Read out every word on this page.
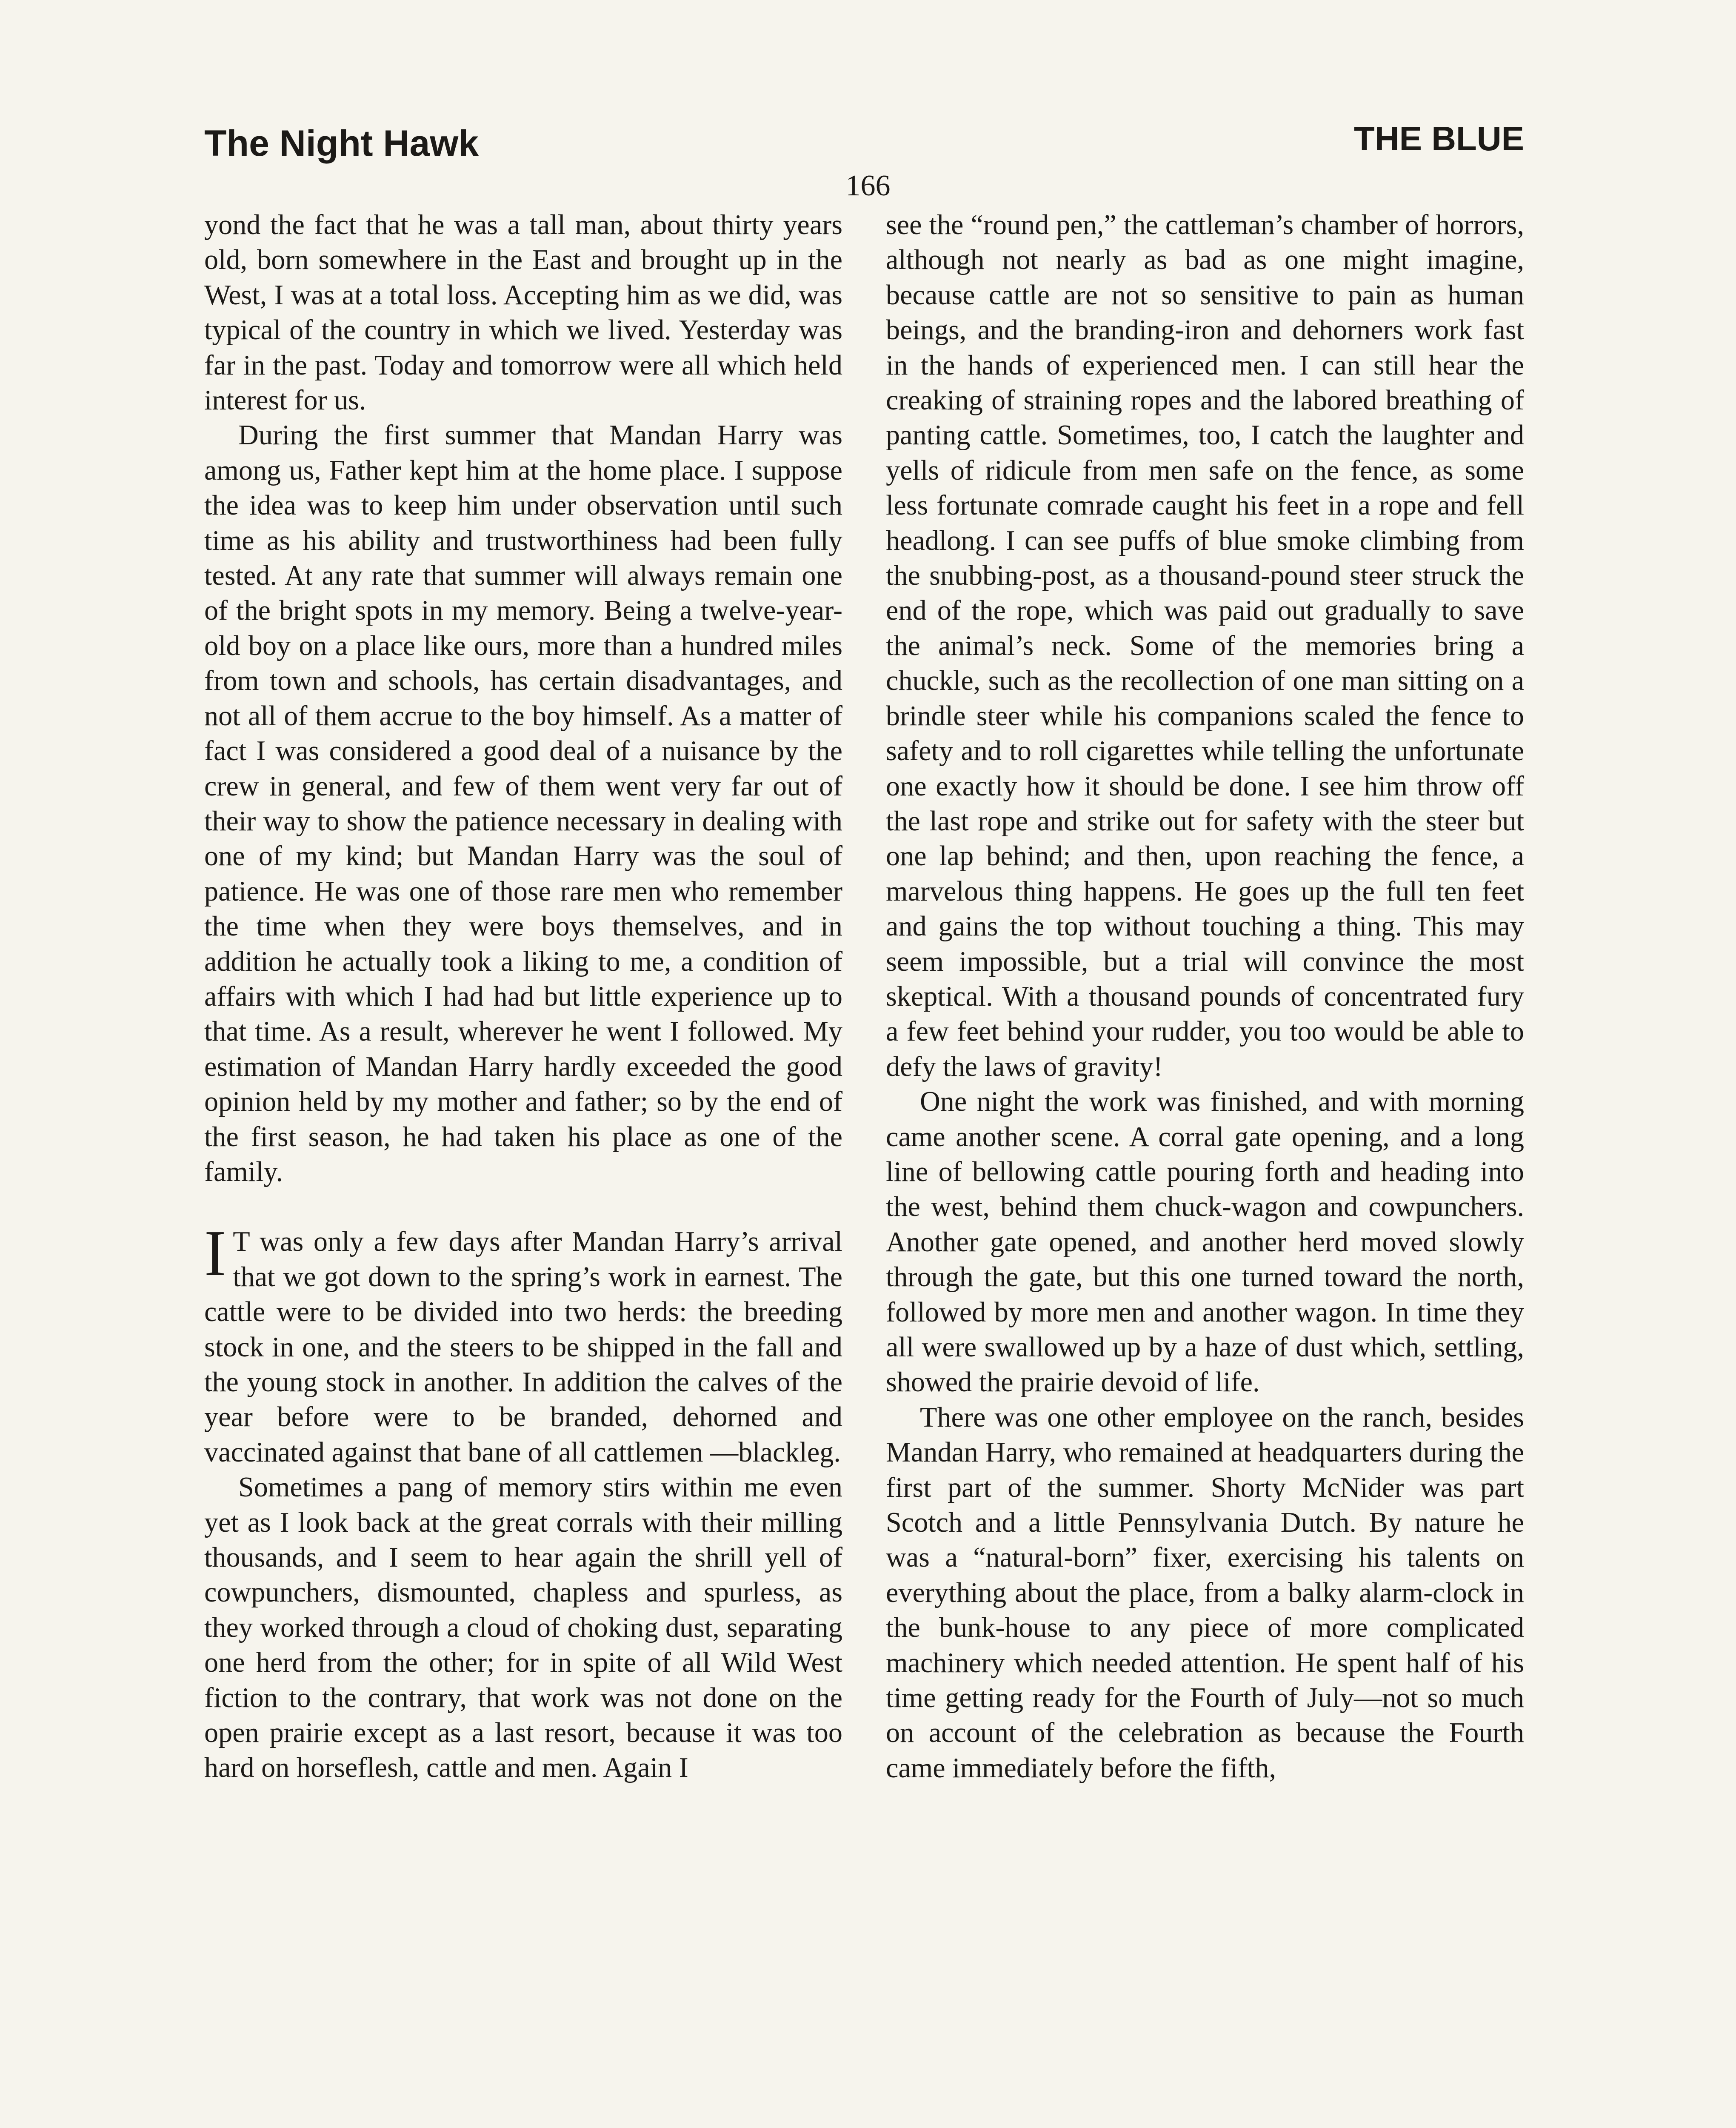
The Night Hawk	THE BLUE
166

yond the fact that he was a tall man, about thirty years old, born somewhere in the East and brought up in the West, I was at a total loss. Accepting him as we did, was typical of the country in which we lived. Yesterday was far in the past. Today and tomorrow were all which held interest for us.

During the first summer that Mandan Harry was among us, Father kept him at the home place. I suppose the idea was to keep him under observation until such time as his ability and trustworthiness had been fully tested. At any rate that summer will always remain one of the bright spots in my memory. Being a twelve-year-old boy on a place like ours, more than a hundred miles from town and schools, has certain disadvantages, and not all of them accrue to the boy himself. As a matter of fact I was considered a good deal of a nuisance by the crew in general, and few of them went very far out of their way to show the patience necessary in dealing with one of my kind; but Mandan Harry was the soul of patience. He was one of those rare men who remember the time when they were boys themselves, and in addition he actually took a liking to me, a condition of affairs with which I had had but little experience up to that time. As a result, wherever he went I followed. My estimation of Mandan Harry hardly exceeded the good opinion held by my mother and father; so by the end of the first season, he had taken his place as one of the family.

I T was only a few days after Mandan Harry’s arrival that we got down to the spring’s work in earnest. The cattle were to be divided into two herds: the breeding stock in one, and the steers to be shipped in the fall and the young stock in another. In addition the calves of the year before were to be branded, dehorned and vaccinated against that bane of all cattlemen —blackleg.

Sometimes a pang of memory stirs within me even yet as I look back at the great corrals with their milling thousands, and I seem to hear again the shrill yell of cowpunchers, dismounted, chapless and spurless, as they worked through a cloud of choking dust, separating one herd from the other; for in spite of all Wild West fiction to the contrary, that work was not done on the open prairie except as a last resort, because it was too hard on horseflesh, cattle and men. Again I

see the “round pen,” the cattleman’s chamber of horrors, although not nearly as bad as one might imagine, because cattle are not so sensitive to pain as human beings, and the branding-iron and dehorners work fast in the hands of experienced men. I can still hear the creaking of straining ropes and the labored breathing of panting cattle. Sometimes, too, I catch the laughter and yells of ridicule from men safe on the fence, as some less fortunate comrade caught his feet in a rope and fell headlong. I can see puffs of blue smoke climbing from the snubbing-post, as a thousand-pound steer struck the end of the rope, which was paid out gradually to save the animal’s neck. Some of the memories bring a chuckle, such as the recollection of one man sitting on a brindle steer while his companions scaled the fence to safety and to roll cigarettes while telling the unfortunate one exactly how it should be done. I see him throw off the last rope and strike out for safety with the steer but one lap behind; and then, upon reaching the fence, a marvelous thing happens. He goes up the full ten feet and gains the top without touching a thing. This may seem impossible, but a trial will convince the most skeptical. With a thousand pounds of concentrated fury a few feet behind your rudder, you too would be able to defy the laws of gravity!

One night the work was finished, and with morning came another scene. A corral gate opening, and a long line of bellowing cattle pouring forth and heading into the west, behind them chuck-wagon and cowpunchers. Another gate opened, and another herd moved slowly through the gate, but this one turned toward the north, followed by more men and another wagon. In time they all were swallowed up by a haze of dust which, settling, showed the prairie devoid of life.

There was one other employee on the ranch, besides Mandan Harry, who remained at headquarters during the first part of the summer. Shorty McNider was part Scotch and a little Pennsylvania Dutch. By nature he was a “natural-born” fixer, exercising his talents on everything about the place, from a balky alarm-clock in the bunk-house to any piece of more complicated machinery which needed attention. He spent half of his time getting ready for the Fourth of July—not so much on account of the celebration as because the Fourth came immediately before the fifth,
